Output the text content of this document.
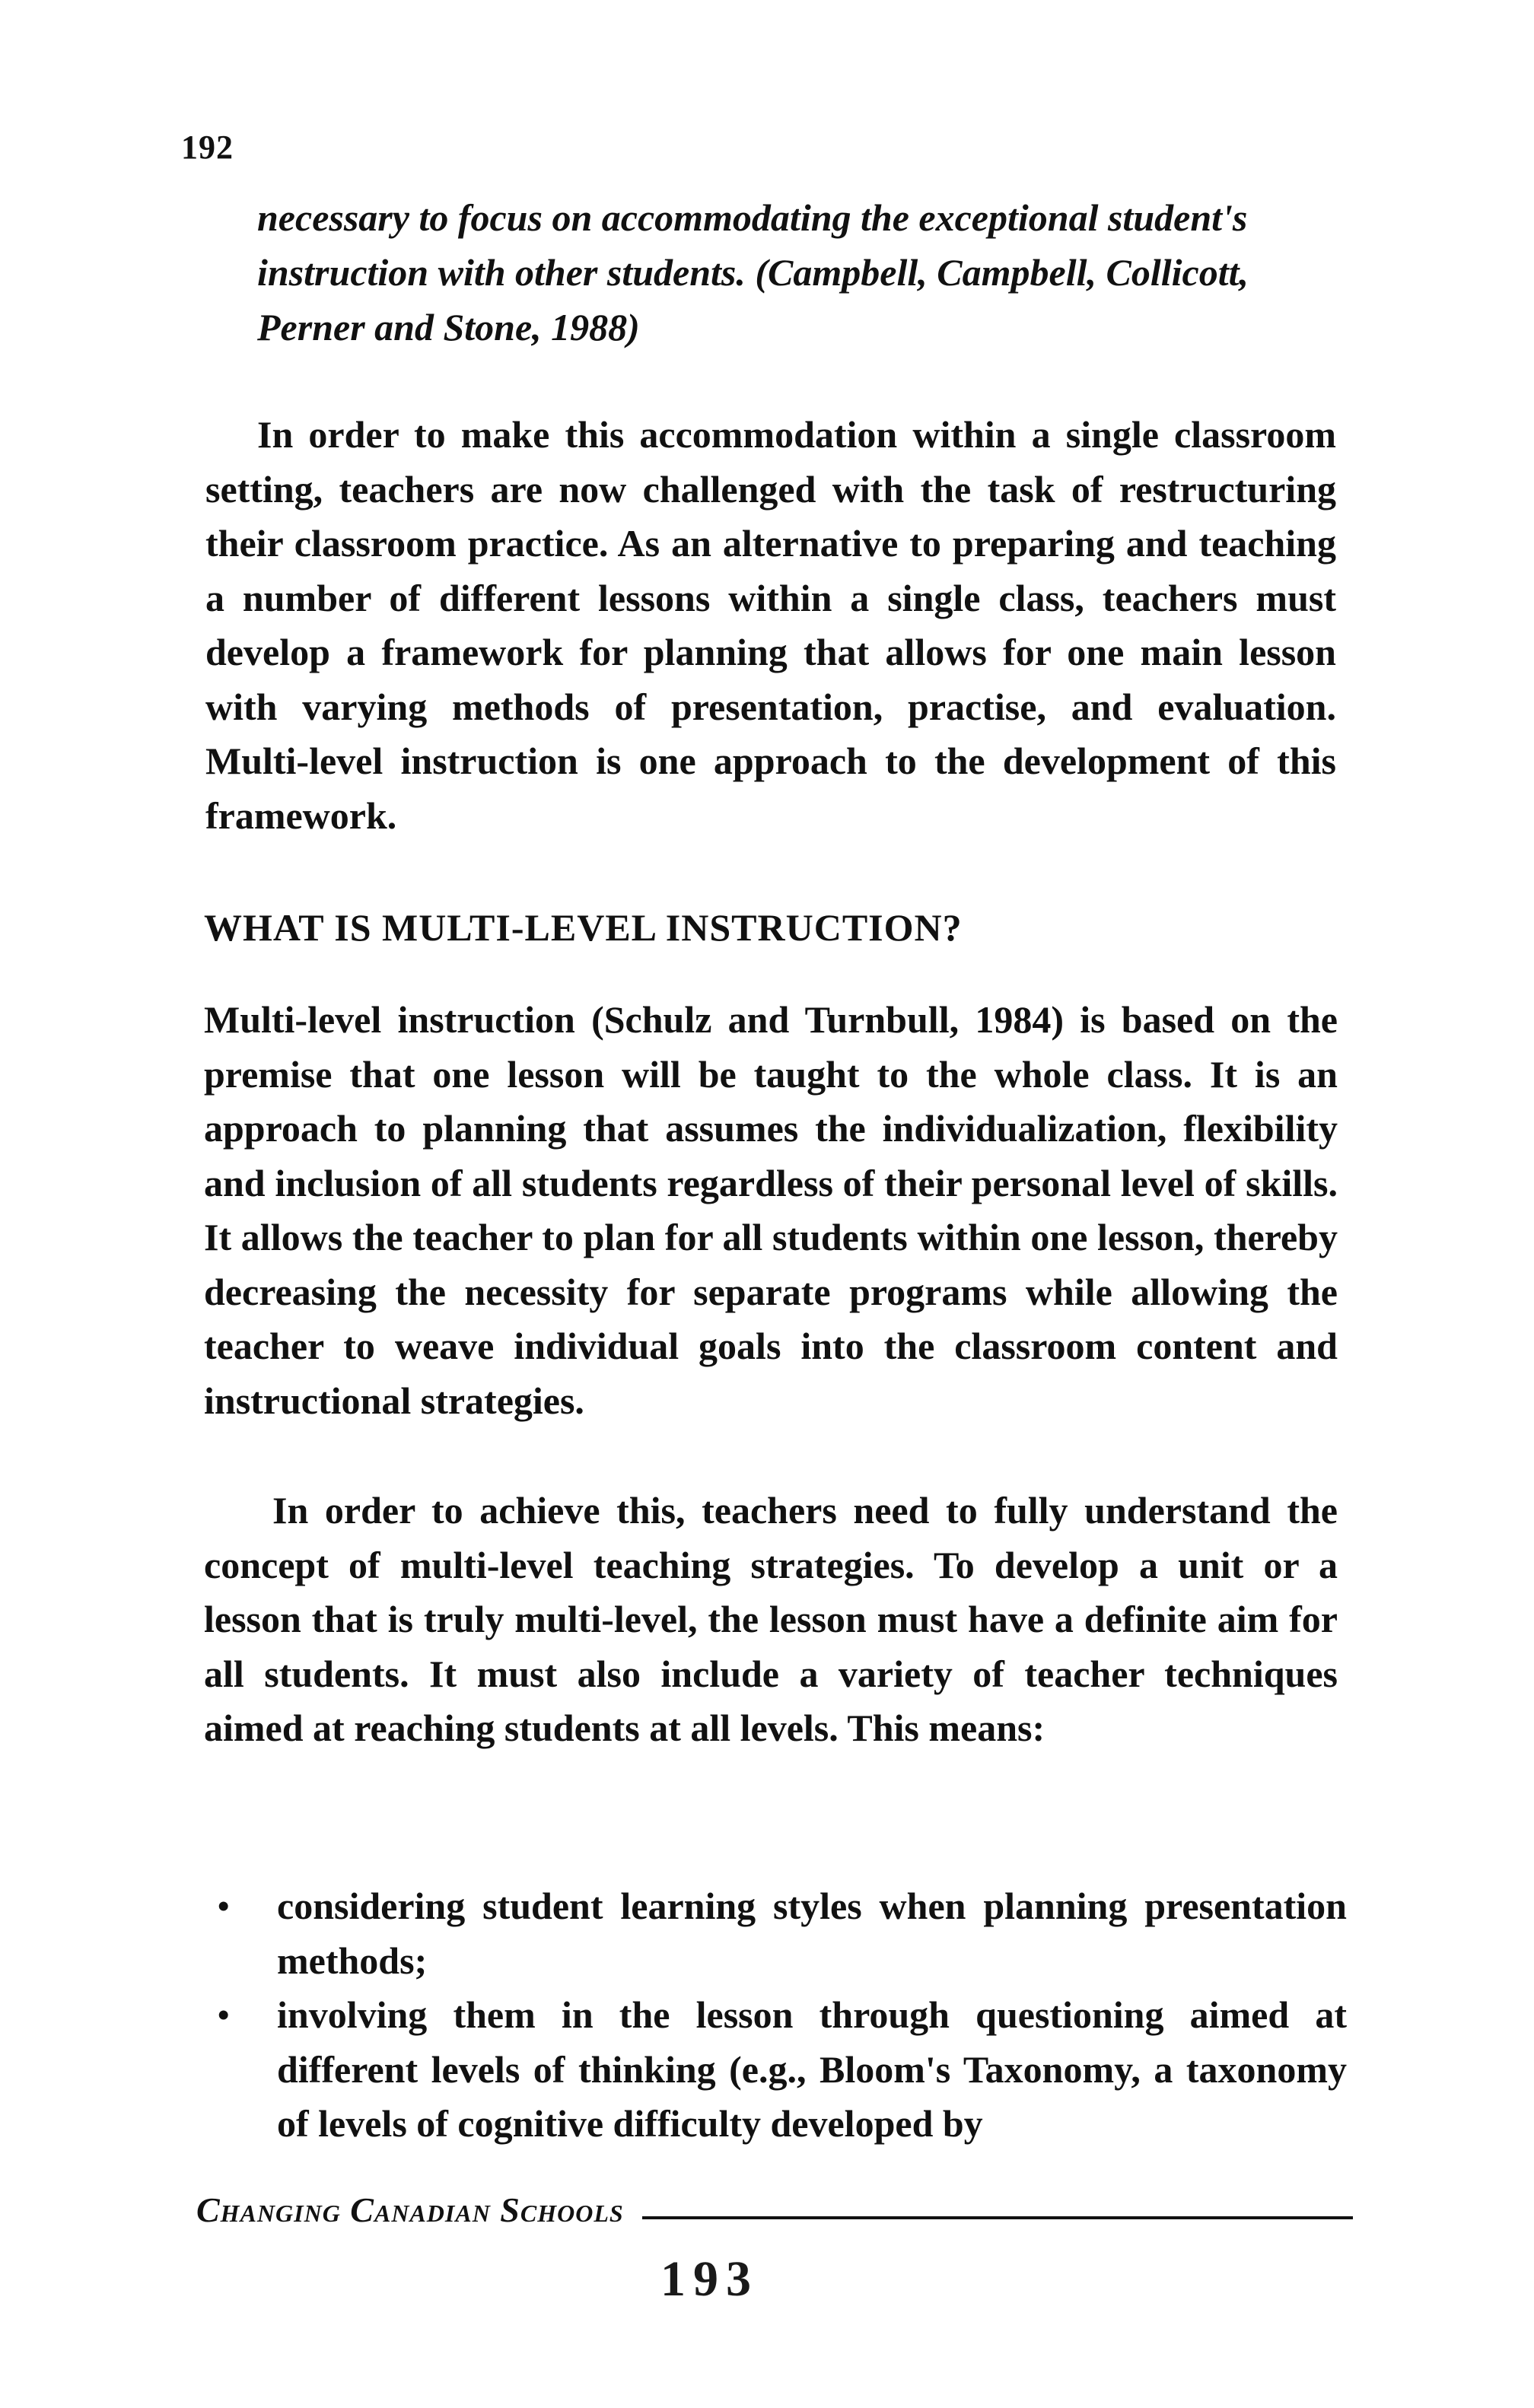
192
necessary to focus on accommodating the exceptional student's instruction with other students. (Campbell, Campbell, Collicott, Perner and Stone, 1988)

In order to make this accommodation within a single classroom setting, teachers are now challenged with the task of restructuring their classroom practice. As an alternative to preparing and teaching a number of different lessons within a single class, teachers must develop a framework for planning that allows for one main lesson with varying methods of presentation, practise, and evaluation. Multi-level instruction is one approach to the development of this framework.

WHAT IS MULTI-LEVEL INSTRUCTION?

Multi-level instruction (Schulz and Turnbull, 1984) is based on the premise that one lesson will be taught to the whole class. It is an approach to planning that assumes the individualization, flexibility and inclusion of all students regardless of their personal level of skills. It allows the teacher to plan for all students within one lesson, thereby decreasing the necessity for separate programs while allowing the teacher to weave individual goals into the classroom content and instructional strategies.

In order to achieve this, teachers need to fully understand the concept of multi-level teaching strategies. To develop a unit or a lesson that is truly multi-level, the lesson must have a definite aim for all students. It must also include a variety of teacher techniques aimed at reaching students at all levels. This means:

• considering student learning styles when planning presentation methods;
• involving them in the lesson through questioning aimed at different levels of thinking (e.g., Bloom's Taxonomy, a taxonomy of levels of cognitive difficulty developed by
Changing Canadian Schools
193
